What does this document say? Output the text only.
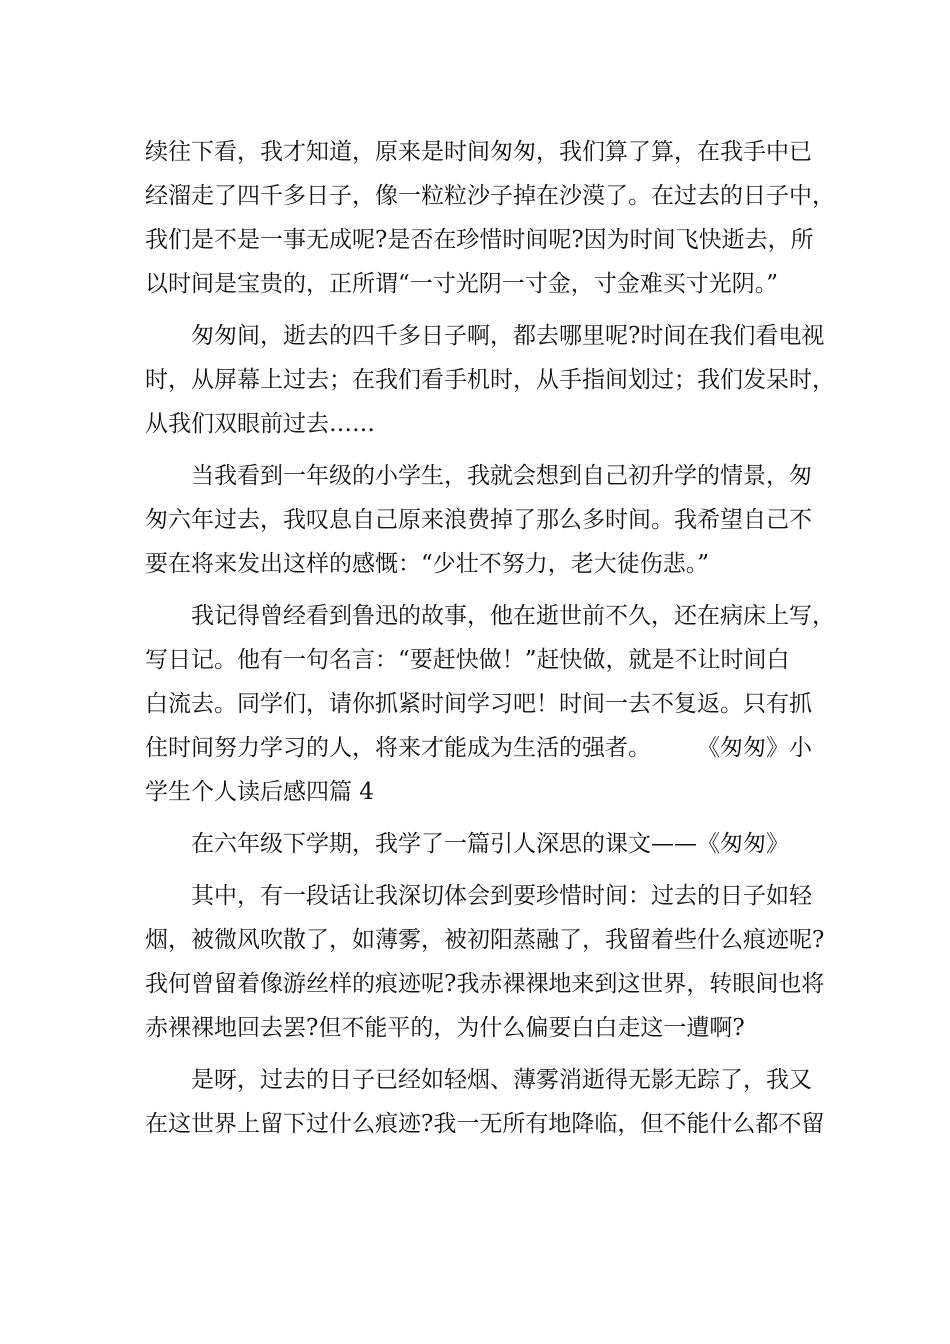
续往下看，我才知道，原来是时间匆匆，我们算了算，在我手中已
经溜走了四千多日子，像一粒粒沙子掉在沙漠了。在过去的日子中，
我们是不是一事无成呢?是否在珍惜时间呢?因为时间飞快逝去，所
以时间是宝贵的，正所谓“一寸光阴一寸金，寸金难买寸光阴。”
匆匆间，逝去的四千多日子啊，都去哪里呢?时间在我们看电视
时，从屏幕上过去；在我们看手机时，从手指间划过；我们发呆时，
从我们双眼前过去……
当我看到一年级的小学生，我就会想到自己初升学的情景，匆
匆六年过去，我叹息自己原来浪费掉了那么多时间。我希望自己不
要在将来发出这样的感慨：“少壮不努力，老大徒伤悲。”
我记得曾经看到鲁迅的故事，他在逝世前不久，还在病床上写，
写日记。他有一句名言：“要赶快做！”赶快做，就是不让时间白
白流去。同学们，请你抓紧时间学习吧！时间一去不复返。只有抓
住时间努力学习的人，将来才能成为生活的强者。　　　《匆匆》小
学生个人读后感四篇 4
在六年级下学期，我学了一篇引人深思的课文——《匆匆》
其中，有一段话让我深切体会到要珍惜时间：过去的日子如轻
烟，被微风吹散了，如薄雾，被初阳蒸融了，我留着些什么痕迹呢?
我何曾留着像游丝样的痕迹呢?我赤裸裸地来到这世界，转眼间也将
赤裸裸地回去罢?但不能平的，为什么偏要白白走这一遭啊?
是呀，过去的日子已经如轻烟、薄雾消逝得无影无踪了，我又
在这世界上留下过什么痕迹?我一无所有地降临，但不能什么都不留
